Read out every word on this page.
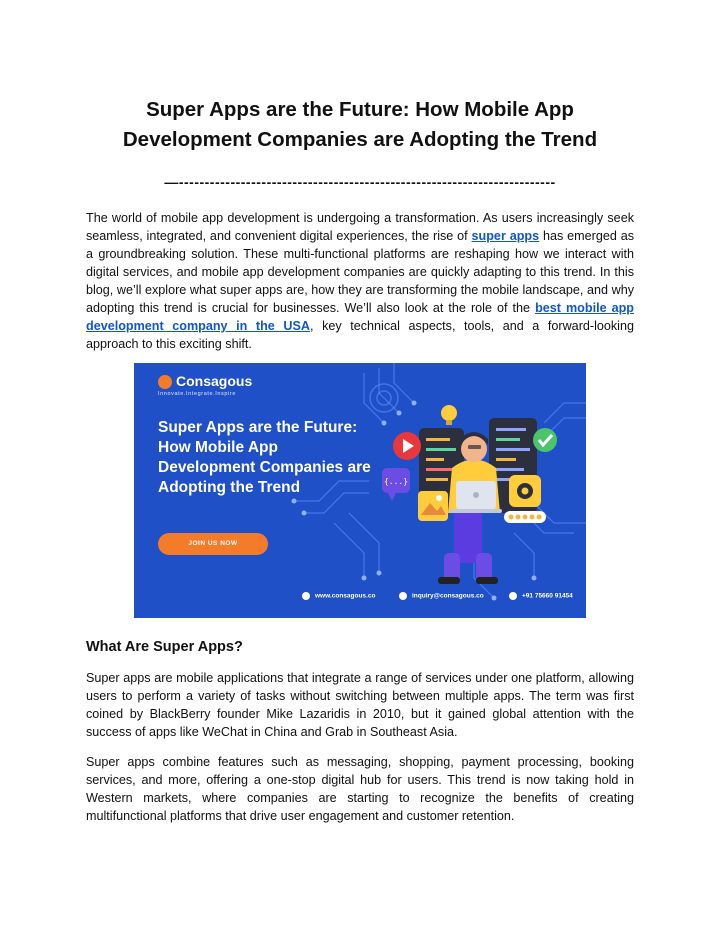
Super Apps are the Future: How Mobile App
Development Companies are Adopting the Trend
—-------------------------------------------------------------------------

The world of mobile app development is undergoing a transformation. As users increasingly seek seamless, integrated, and convenient digital experiences, the rise of super apps has emerged as a groundbreaking solution. These multi-functional platforms are reshaping how we interact with digital services, and mobile app development companies are quickly adapting to this trend. In this blog, we’ll explore what super apps are, how they are transforming the mobile landscape, and why adopting this trend is crucial for businesses. We’ll also look at the role of the best mobile app development company in the USA, key technical aspects, tools, and a forward-looking approach to this exciting shift.

{...}
Consagous
Innovate.Integrate.Inspire
Super Apps are the Future:
How Mobile App
Development Companies are
Adopting the Trend
JOIN US NOW
www.consagous.co	inquiry@consagous.co	+91 75660 91454
What Are Super Apps?

Super apps are mobile applications that integrate a range of services under one platform, allowing users to perform a variety of tasks without switching between multiple apps. The term was first coined by BlackBerry founder Mike Lazaridis in 2010, but it gained global attention with the success of apps like WeChat in China and Grab in Southeast Asia.

Super apps combine features such as messaging, shopping, payment processing, booking services, and more, offering a one-stop digital hub for users. This trend is now taking hold in Western markets, where companies are starting to recognize the benefits of creating multifunctional platforms that drive user engagement and customer retention.
